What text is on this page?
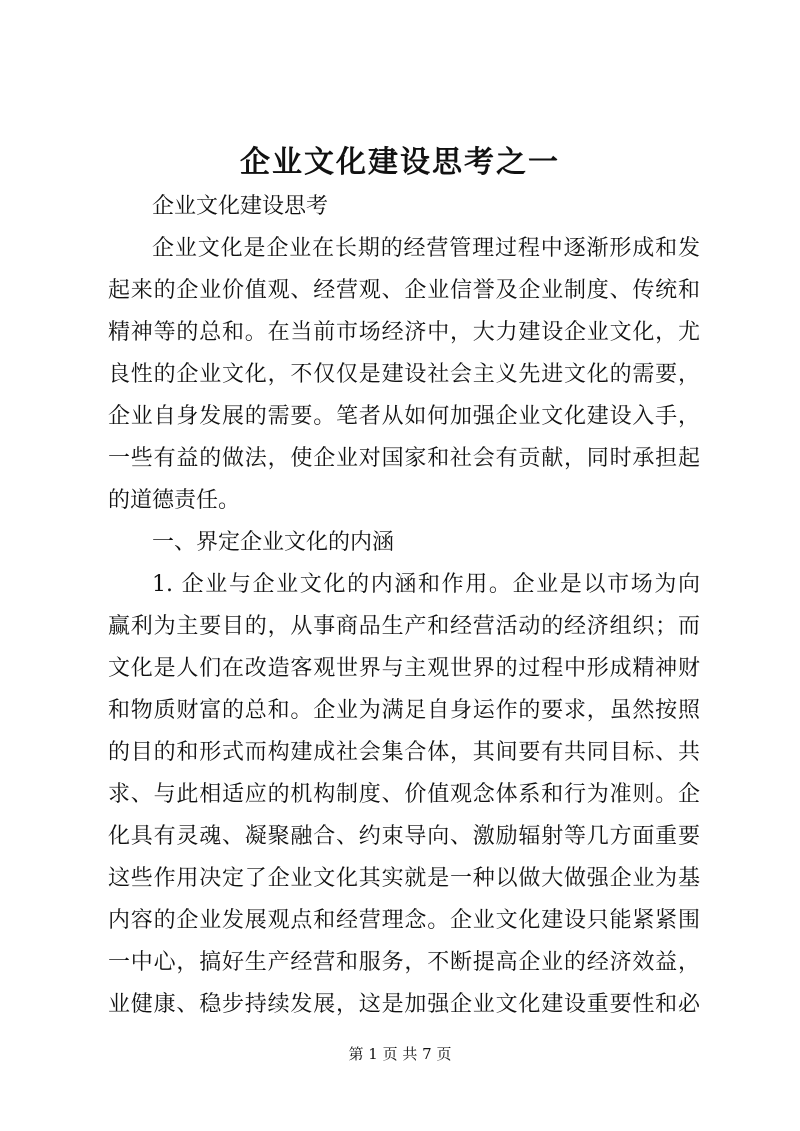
企业文化建设思考之一

企业文化建设思考

企业文化是企业在长期的经营管理过程中逐渐形成和发

起来的企业价值观、经营观、企业信誉及企业制度、传统和

精神等的总和。在当前市场经济中，大力建设企业文化，尤

良性的企业文化，不仅仅是建设社会主义先进文化的需要，

企业自身发展的需要。笔者从如何加强企业文化建设入手，

一些有益的做法，使企业对国家和社会有贡献，同时承担起

的道德责任。

一、界定企业文化的内涵

1. 企业与企业文化的内涵和作用。企业是以市场为向

赢利为主要目的，从事商品生产和经营活动的经济组织；而

文化是人们在改造客观世界与主观世界的过程中形成精神财

和物质财富的总和。企业为满足自身运作的要求，虽然按照

的目的和形式而构建成社会集合体，其间要有共同目标、共

求、与此相适应的机构制度、价值观念体系和行为准则。企

化具有灵魂、凝聚融合、约束导向、激励辐射等几方面重要

这些作用决定了企业文化其实就是一种以做大做强企业为基

内容的企业发展观点和经营理念。企业文化建设只能紧紧围

一中心，搞好生产经营和服务，不断提高企业的经济效益，

业健康、稳步持续发展，这是加强企业文化建设重要性和必

第 1 页 共 7 页
